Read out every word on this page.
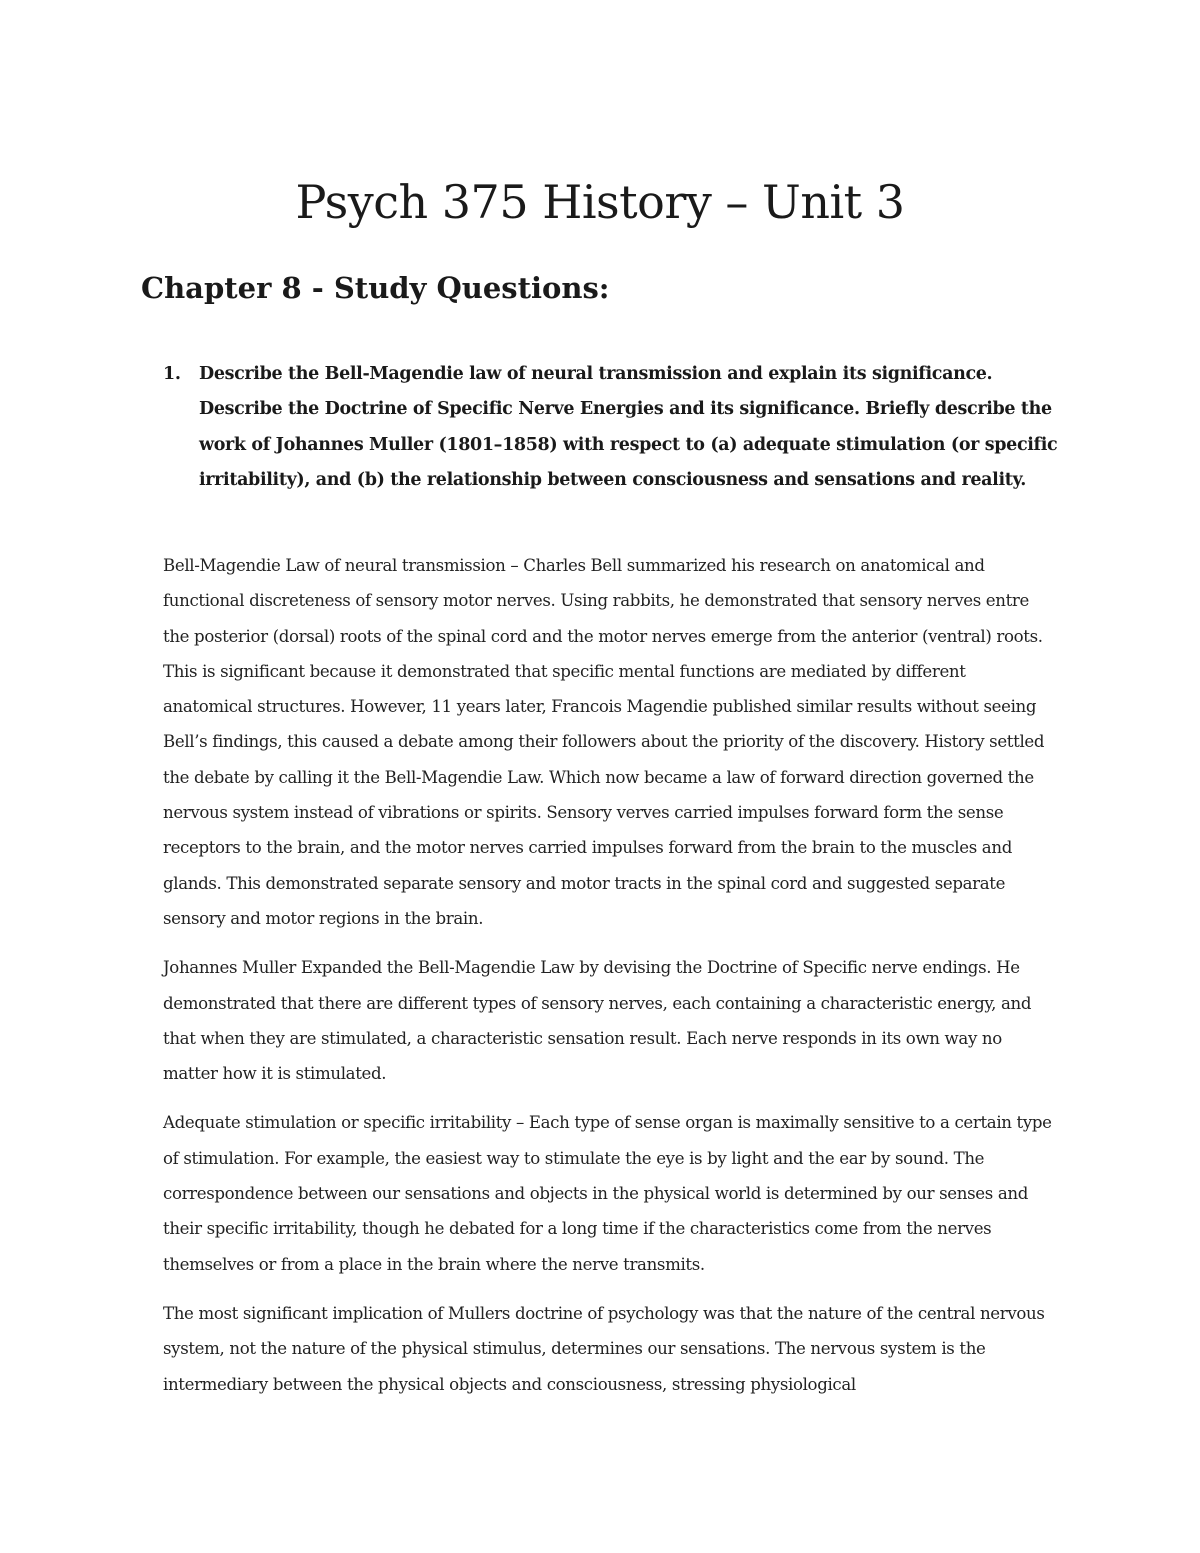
Psych 375 History – Unit 3
Chapter 8 - Study Questions:
1. Describe the Bell-Magendie law of neural transmission and explain its significance. Describe the Doctrine of Specific Nerve Energies and its significance. Briefly describe the work of Johannes Muller (1801–1858) with respect to (a) adequate stimulation (or specific irritability), and (b) the relationship between consciousness and sensations and reality.

Bell-Magendie Law of neural transmission – Charles Bell summarized his research on anatomical and functional discreteness of sensory motor nerves. Using rabbits, he demonstrated that sensory nerves entre the posterior (dorsal) roots of the spinal cord and the motor nerves emerge from the anterior (ventral) roots. This is significant because it demonstrated that specific mental functions are mediated by different anatomical structures. However, 11 years later, Francois Magendie published similar results without seeing Bell’s findings, this caused a debate among their followers about the priority of the discovery. History settled the debate by calling it the Bell-Magendie Law. Which now became a law of forward direction governed the nervous system instead of vibrations or spirits. Sensory verves carried impulses forward form the sense receptors to the brain, and the motor nerves carried impulses forward from the brain to the muscles and glands. This demonstrated separate sensory and motor tracts in the spinal cord and suggested separate sensory and motor regions in the brain.

Johannes Muller Expanded the Bell-Magendie Law by devising the Doctrine of Specific nerve endings. He demonstrated that there are different types of sensory nerves, each containing a characteristic energy, and that when they are stimulated, a characteristic sensation result. Each nerve responds in its own way no matter how it is stimulated.

Adequate stimulation or specific irritability – Each type of sense organ is maximally sensitive to a certain type of stimulation. For example, the easiest way to stimulate the eye is by light and the ear by sound. The correspondence between our sensations and objects in the physical world is determined by our senses and their specific irritability, though he debated for a long time if the characteristics come from the nerves themselves or from a place in the brain where the nerve transmits.

The most significant implication of Mullers doctrine of psychology was that the nature of the central nervous system, not the nature of the physical stimulus, determines our sensations. The nervous system is the intermediary between the physical objects and consciousness, stressing physiological
